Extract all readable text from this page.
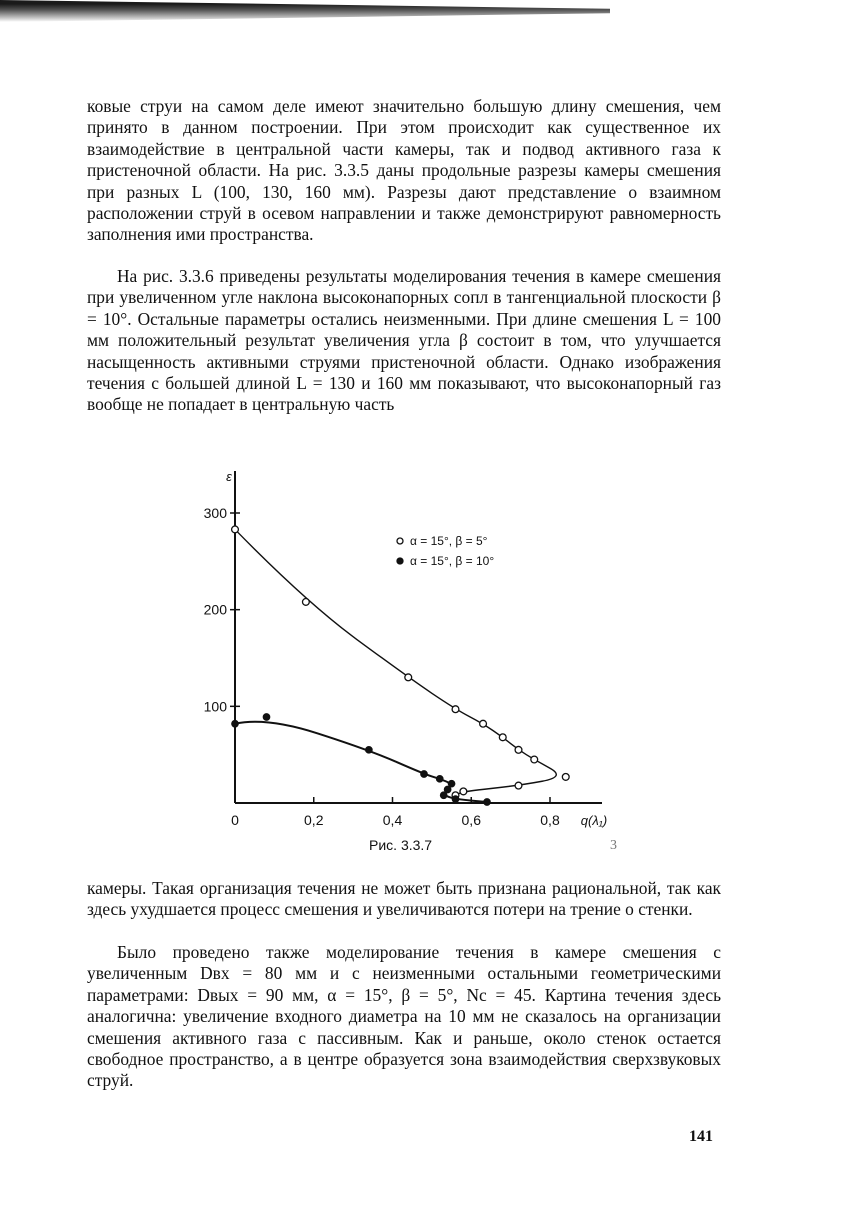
ковые струи на самом деле имеют значительно большую длину смешения, чем принято в данном построении. При этом происходит как существенное их взаимодействие в центральной части камеры, так и подвод активного газа к пристеночной области. На рис. 3.3.5 даны продольные разрезы камеры смешения при разных L (100, 130, 160 мм). Разрезы дают представление о взаимном расположении струй в осевом направлении и также демонстрируют равномерность заполнения ими пространства.

На рис. 3.3.6 приведены результаты моделирования течения в камере смешения при увеличенном угле наклона высоконапорных сопл в тангенциальной плоскости β = 10°. Остальные параметры остались неизменными. При длине смешения L = 100 мм положительный результат увеличения угла β состоит в том, что улучшается насыщенность активными струями пристеночной области. Однако изображения течения с большей длиной L = 130 и 160 мм показывают, что высоконапорный газ вообще не попадает в центральную часть

0	0,2	0,4	0,6	0,8
100
200
300
q(λ₁)
ε
α = 15°, β = 5°
α = 15°, β = 10°
Рис. 3.3.7	3

камеры. Такая организация течения не может быть признана рациональной, так как здесь ухудшается процесс смешения и увеличиваются потери на трение о стенки.

Было проведено также моделирование течения в камере смешения с увеличенным Dвх = 80 мм и с неизменными остальными геометрическими параметрами: Dвых = 90 мм, α = 15°, β = 5°, Nс = 45. Картина течения здесь аналогична: увеличение входного диаметра на 10 мм не сказалось на организации смешения активного газа с пассивным. Как и раньше, около стенок остается свободное пространство, а в центре образуется зона взаимодействия сверхзвуковых струй.

141
